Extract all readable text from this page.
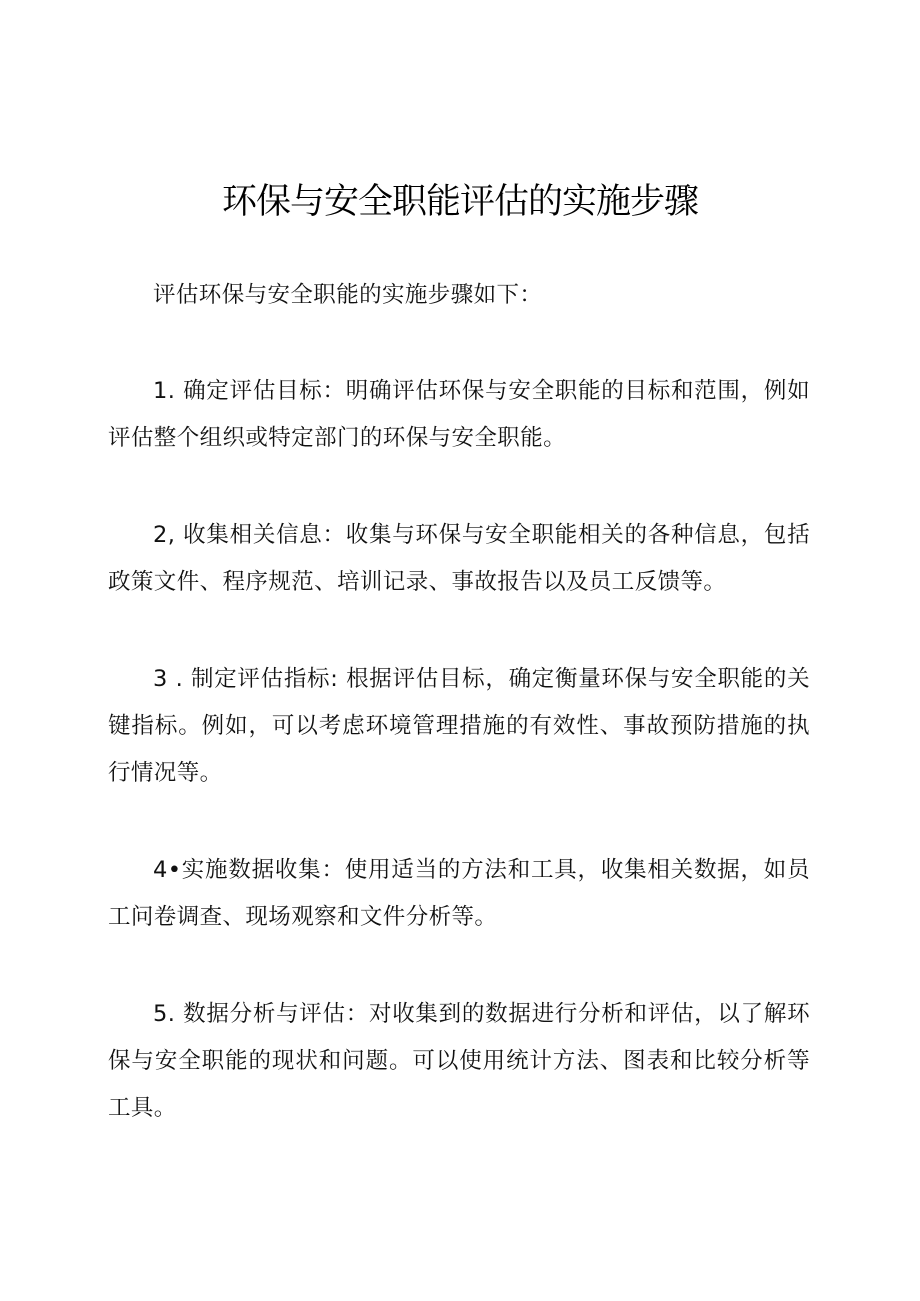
环保与安全职能评估的实施步骤

评估环保与安全职能的实施步骤如下：

1. 确定评估目标：明确评估环保与安全职能的目标和范围，例如评估整个组织或特定部门的环保与安全职能。

2, 收集相关信息：收集与环保与安全职能相关的各种信息，包括政策文件、程序规范、培训记录、事故报告以及员工反馈等。

3 . 制定评估指标: 根据评估目标，确定衡量环保与安全职能的关键指标。例如，可以考虑环境管理措施的有效性、事故预防措施的执行情况等。

4•实施数据收集：使用适当的方法和工具，收集相关数据，如员工问卷调查、现场观察和文件分析等。

5. 数据分析与评估：对收集到的数据进行分析和评估，以了解环保与安全职能的现状和问题。可以使用统计方法、图表和比较分析等工具。
